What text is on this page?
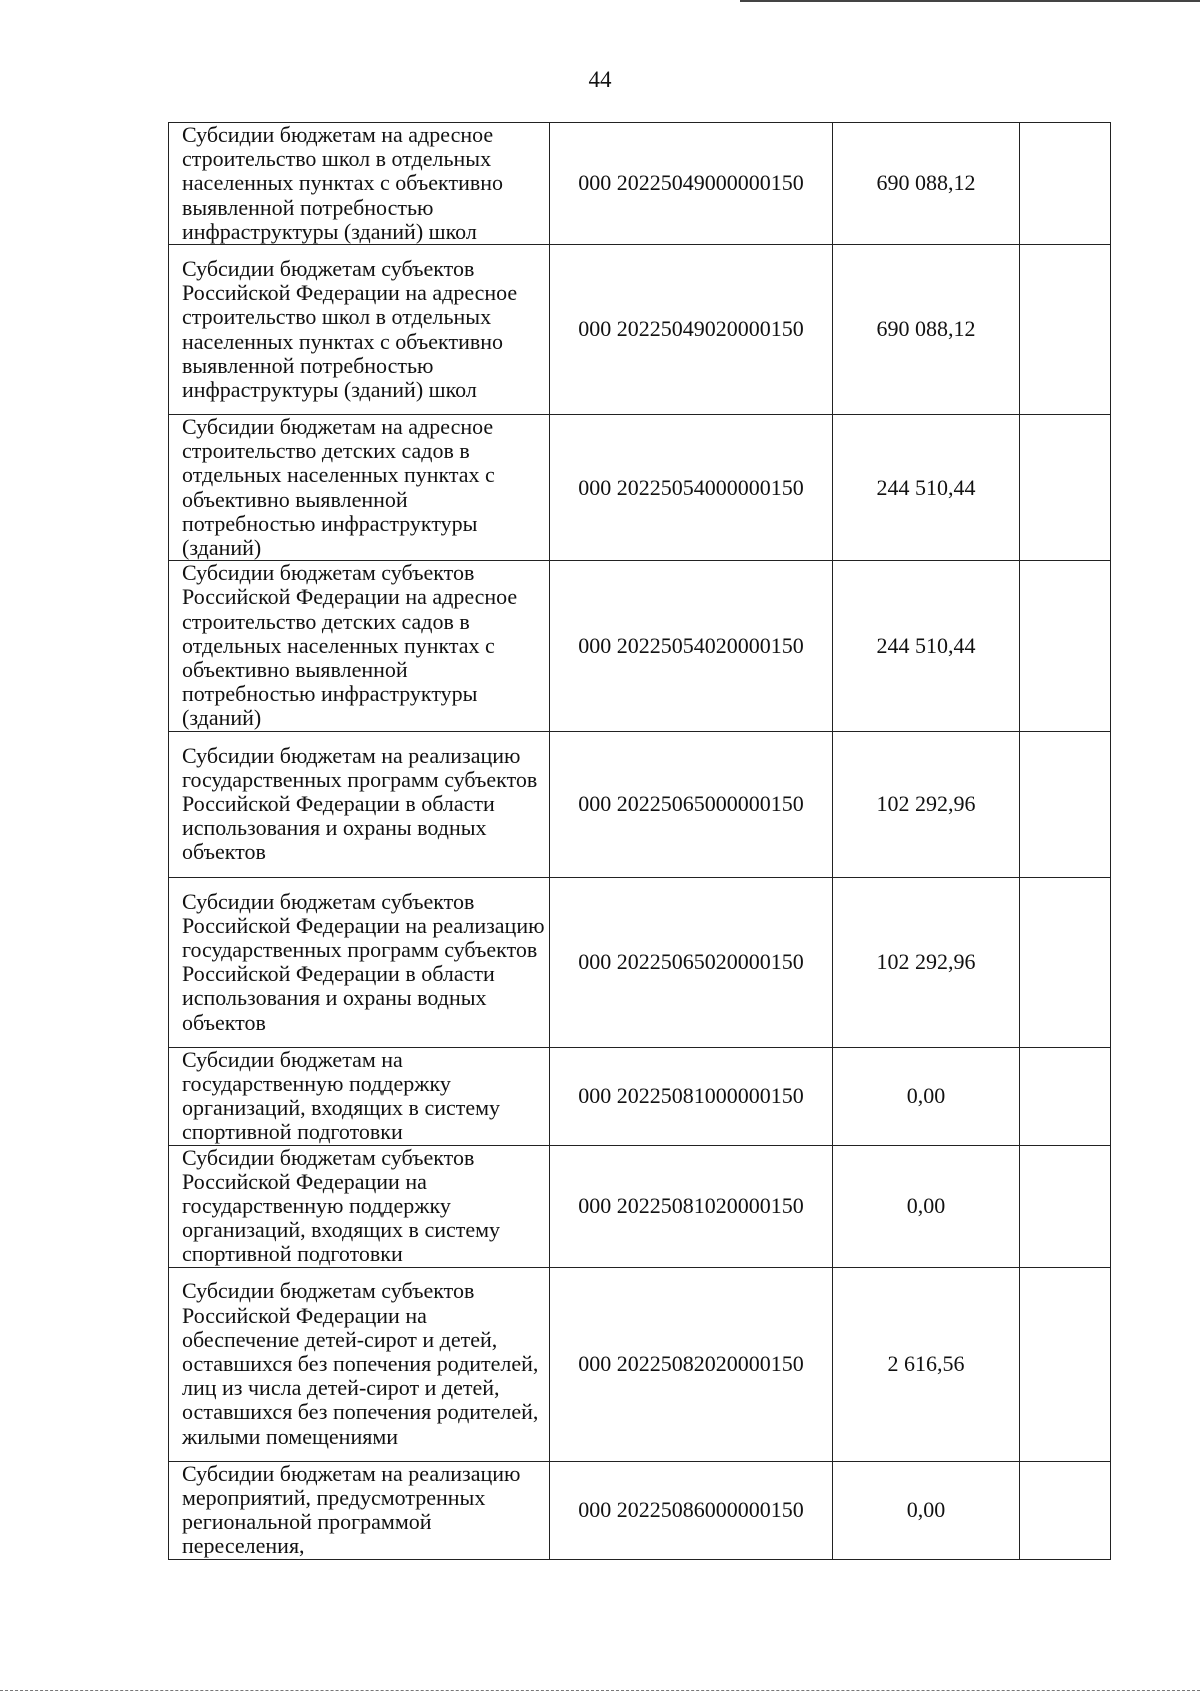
44
Субсидии бюджетам на адресное строительство школ в отдельных населенных пунктах с объективно выявленной потребностью инфраструктуры (зданий) школ	000 20225049000000150	690 088,12	
Субсидии бюджетам субъектов Российской Федерации на адресное строительство школ в отдельных населенных пунктах с объективно выявленной потребностью инфраструктуры (зданий) школ	000 20225049020000150	690 088,12	
Субсидии бюджетам на адресное строительство детских садов в отдельных населенных пунктах с объективно выявленной потребностью инфраструктуры (зданий)	000 20225054000000150	244 510,44	
Субсидии бюджетам субъектов Российской Федерации на адресное строительство детских садов в отдельных населенных пунктах с объективно выявленной потребностью инфраструктуры (зданий)	000 20225054020000150	244 510,44	
Субсидии бюджетам на реализацию государственных программ субъектов Российской Федерации в области использования и охраны водных объектов	000 20225065000000150	102 292,96	
Субсидии бюджетам субъектов Российской Федерации на реализацию государственных программ субъектов Российской Федерации в области использования и охраны водных объектов	000 20225065020000150	102 292,96	
Субсидии бюджетам на государственную поддержку организаций, входящих в систему спортивной подготовки	000 20225081000000150	0,00	
Субсидии бюджетам субъектов Российской Федерации на государственную поддержку организаций, входящих в систему спортивной подготовки	000 20225081020000150	0,00	
Субсидии бюджетам субъектов Российской Федерации на обеспечение детей-сирот и детей, оставшихся без попечения родителей, лиц из числа детей-сирот и детей, оставшихся без попечения родителей, жилыми помещениями	000 20225082020000150	2 616,56	
Субсидии бюджетам на реализацию мероприятий, предусмотренных региональной программой переселения,	000 20225086000000150	0,00	
